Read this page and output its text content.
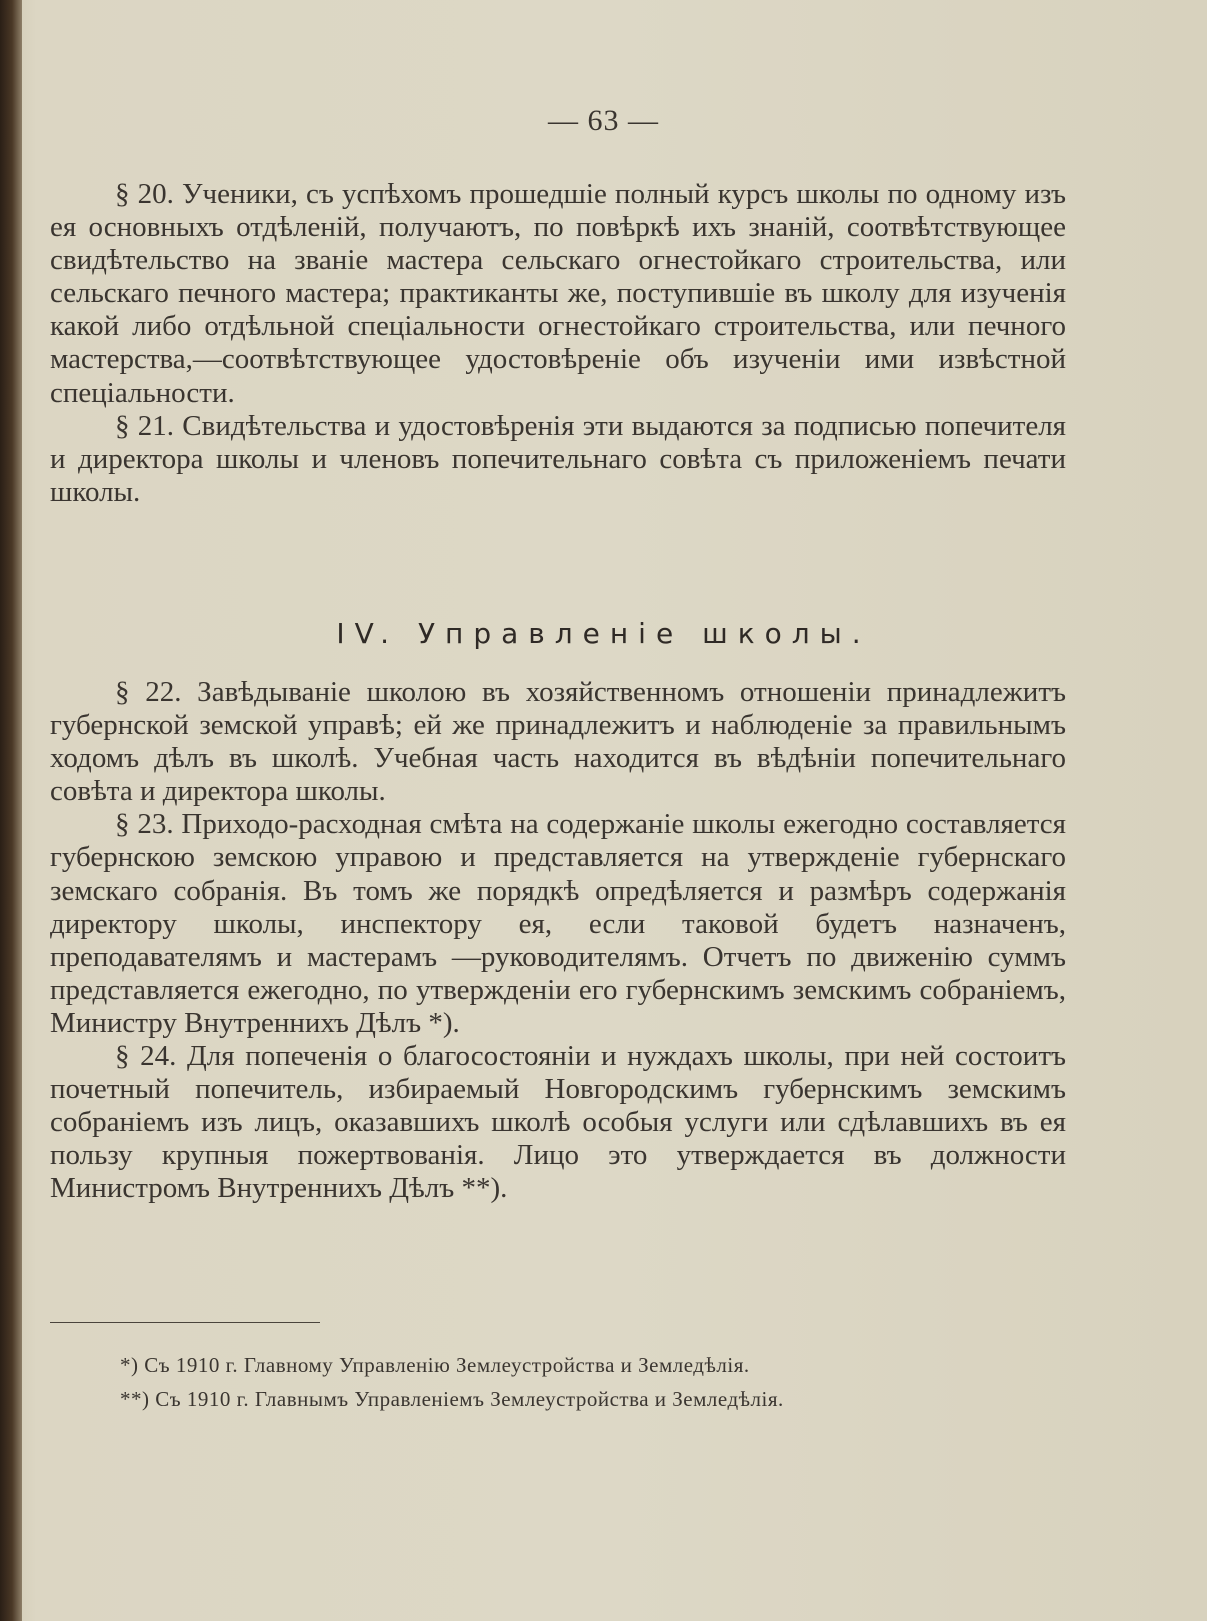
— 63 —

§ 20. Ученики, съ успѣхомъ прошедшіе полный курсъ школы по одному изъ ея основныхъ отдѣленій, получаютъ, по повѣркѣ ихъ знаній, соотвѣтствующее свидѣтельство на званіе мастера сельскаго огнестойкаго строительства, или сельскаго печного мастера; практиканты же, поступившіе въ школу для изученія какой либо отдѣльной спеціальности огнестойкаго строительства, или печного мастерства,—соотвѣтствующее удостовѣреніе объ изученіи ими извѣстной спеціальности.

§ 21. Свидѣтельства и удостовѣренія эти выдаются за подписью попечителя и директора школы и членовъ попечительнаго совѣта съ приложеніемъ печати школы.

IV. Управленіе школы.

§ 22. Завѣдываніе школою въ хозяйственномъ отношеніи принадлежитъ губернской земской управѣ; ей же принадлежитъ и наблюденіе за правильнымъ ходомъ дѣлъ въ школѣ. Учебная часть находится въ вѣдѣніи попечительнаго совѣта и директора школы.

§ 23. Приходо-расходная смѣта на содержаніе школы ежегодно составляется губернскою земскою управою и представляется на утвержденіе губернскаго земскаго собранія. Въ томъ же порядкѣ опредѣляется и размѣръ содержанія директору школы, инспектору ея, если таковой будетъ назначенъ, преподавателямъ и мастерамъ —руководителямъ. Отчетъ по движенію суммъ представляется ежегодно, по утвержденіи его губернскимъ земскимъ собраніемъ, Министру Внутреннихъ Дѣлъ *).

§ 24. Для попеченія о благосостояніи и нуждахъ школы, при ней состоитъ почетный попечитель, избираемый Новгородскимъ губернскимъ земскимъ собраніемъ изъ лицъ, оказавшихъ школѣ особыя услуги или сдѣлавшихъ въ ея пользу крупныя пожертвованія. Лицо это утверждается въ должности Министромъ Внутреннихъ Дѣлъ **).

*) Съ 1910 г. Главному Управленію Землеустройства и Земледѣлія.

**) Съ 1910 г. Главнымъ Управленіемъ Землеустройства и Земледѣлія.
